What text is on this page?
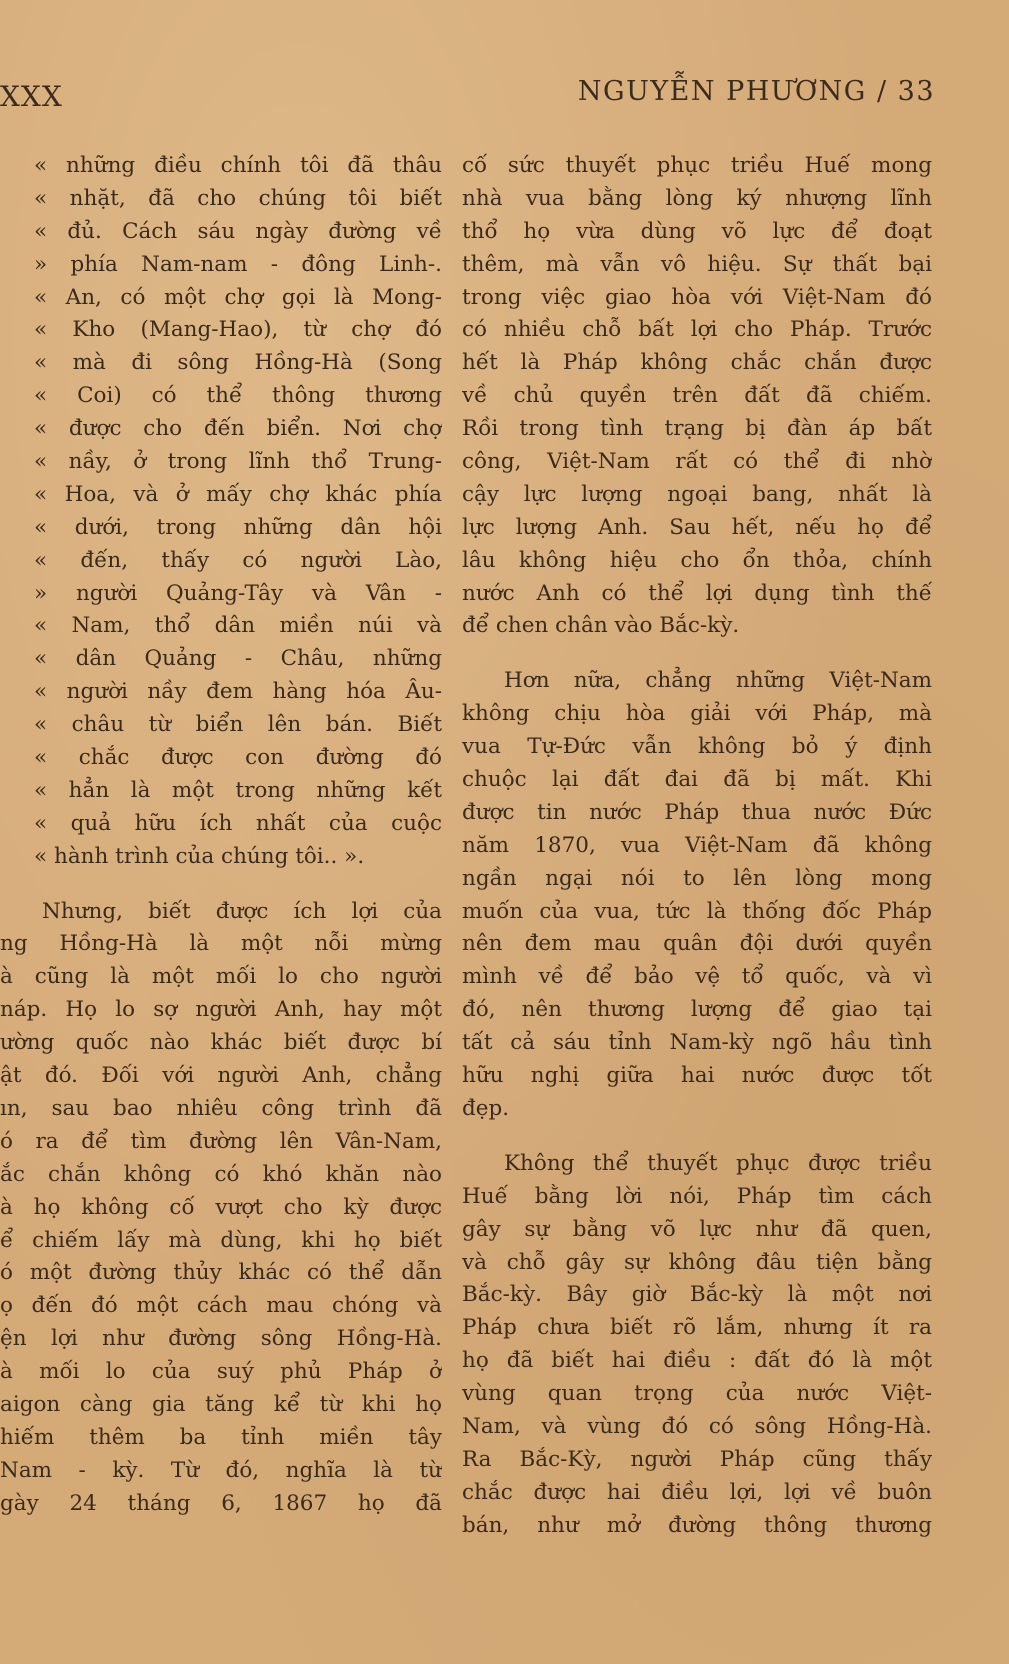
XXX	NGUYỄN PHƯƠNG / 33
« những điều chính tôi đã thâu
« nhặt, đã cho chúng tôi biết
« đủ. Cách sáu ngày đường về
» phía Nam-nam - đông Linh-.
« An, có một chợ gọi là Mong-
« Kho (Mang-Hao), từ chợ đó
« mà đi sông Hồng-Hà (Song
« Coi) có thể thông thương
« được cho đến biển. Nơi chợ
« nầy, ở trong lĩnh thổ Trung-
« Hoa, và ở mấy chợ khác phía
« dưới, trong những dân hội
« đến, thấy có người Lào,
» người Quảng-Tây và Vân -
« Nam, thổ dân miền núi và
« dân Quảng - Châu, những
« người nầy đem hàng hóa Âu-
« châu từ biển lên bán. Biết
« chắc được con đường đó
« hẳn là một trong những kết
« quả hữu ích nhất của cuộc
« hành trình của chúng tôi.. ».
Nhưng, biết được ích lợi của
ng Hồng-Hà là một nỗi mừng
à cũng là một mối lo cho người
náp. Họ lo sợ người Anh, hay một
ường quốc nào khác biết được bí
ật đó. Đối với người Anh, chẳng
ın, sau bao nhiêu công trình đã
ó ra để tìm đường lên Vân-Nam,
ắc chắn không có khó khăn nào
à họ không cố vượt cho kỳ được
ể chiếm lấy mà dùng, khi họ biết
ó một đường thủy khác có thể dẫn
ọ đến đó một cách mau chóng và
ện lợi như đường sông Hồng-Hà.
à mối lo của suý phủ Pháp ở
aigon càng gia tăng kể từ khi họ
hiếm thêm ba tỉnh miền tây
Nam - kỳ. Từ đó, nghĩa là từ
gày 24 tháng 6, 1867 họ đã
cố sức thuyết phục triều Huế mong
nhà vua bằng lòng ký nhượng lĩnh
thổ họ vừa dùng võ lực để đoạt
thêm, mà vẫn vô hiệu. Sự thất bại
trong việc giao hòa với Việt-Nam đó
có nhiều chỗ bất lợi cho Pháp. Trước
hết là Pháp không chắc chắn được
về chủ quyền trên đất đã chiếm.
Rồi trong tình trạng bị đàn áp bất
công, Việt-Nam rất có thể đi nhờ
cậy lực lượng ngoại bang, nhất là
lực lượng Anh. Sau hết, nếu họ để
lâu không hiệu cho ổn thỏa, chính
nước Anh có thể lợi dụng tình thế
để chen chân vào Bắc-kỳ.
Hơn nữa, chẳng những Việt-Nam
không chịu hòa giải với Pháp, mà
vua Tự-Đức vẫn không bỏ ý định
chuộc lại đất đai đã bị mất. Khi
được tin nước Pháp thua nước Đức
năm 1870, vua Việt-Nam đã không
ngần ngại nói to lên lòng mong
muốn của vua, tức là thống đốc Pháp
nên đem mau quân đội dưới quyền
mình về để bảo vệ tổ quốc, và vì
đó, nên thương lượng để giao tại
tất cả sáu tỉnh Nam-kỳ ngõ hầu tình
hữu nghị giữa hai nước được tốt
đẹp.
Không thể thuyết phục được triều
Huế bằng lời nói, Pháp tìm cách
gây sự bằng võ lực như đã quen,
và chỗ gây sự không đâu tiện bằng
Bắc-kỳ. Bây giờ Bắc-kỳ là một nơi
Pháp chưa biết rõ lắm, nhưng ít ra
họ đã biết hai điều : đất đó là một
vùng quan trọng của nước Việt-
Nam, và vùng đó có sông Hồng-Hà.
Ra Bắc-Kỳ, người Pháp cũng thấy
chắc được hai điều lợi, lợi về buôn
bán, như mở đường thông thương
